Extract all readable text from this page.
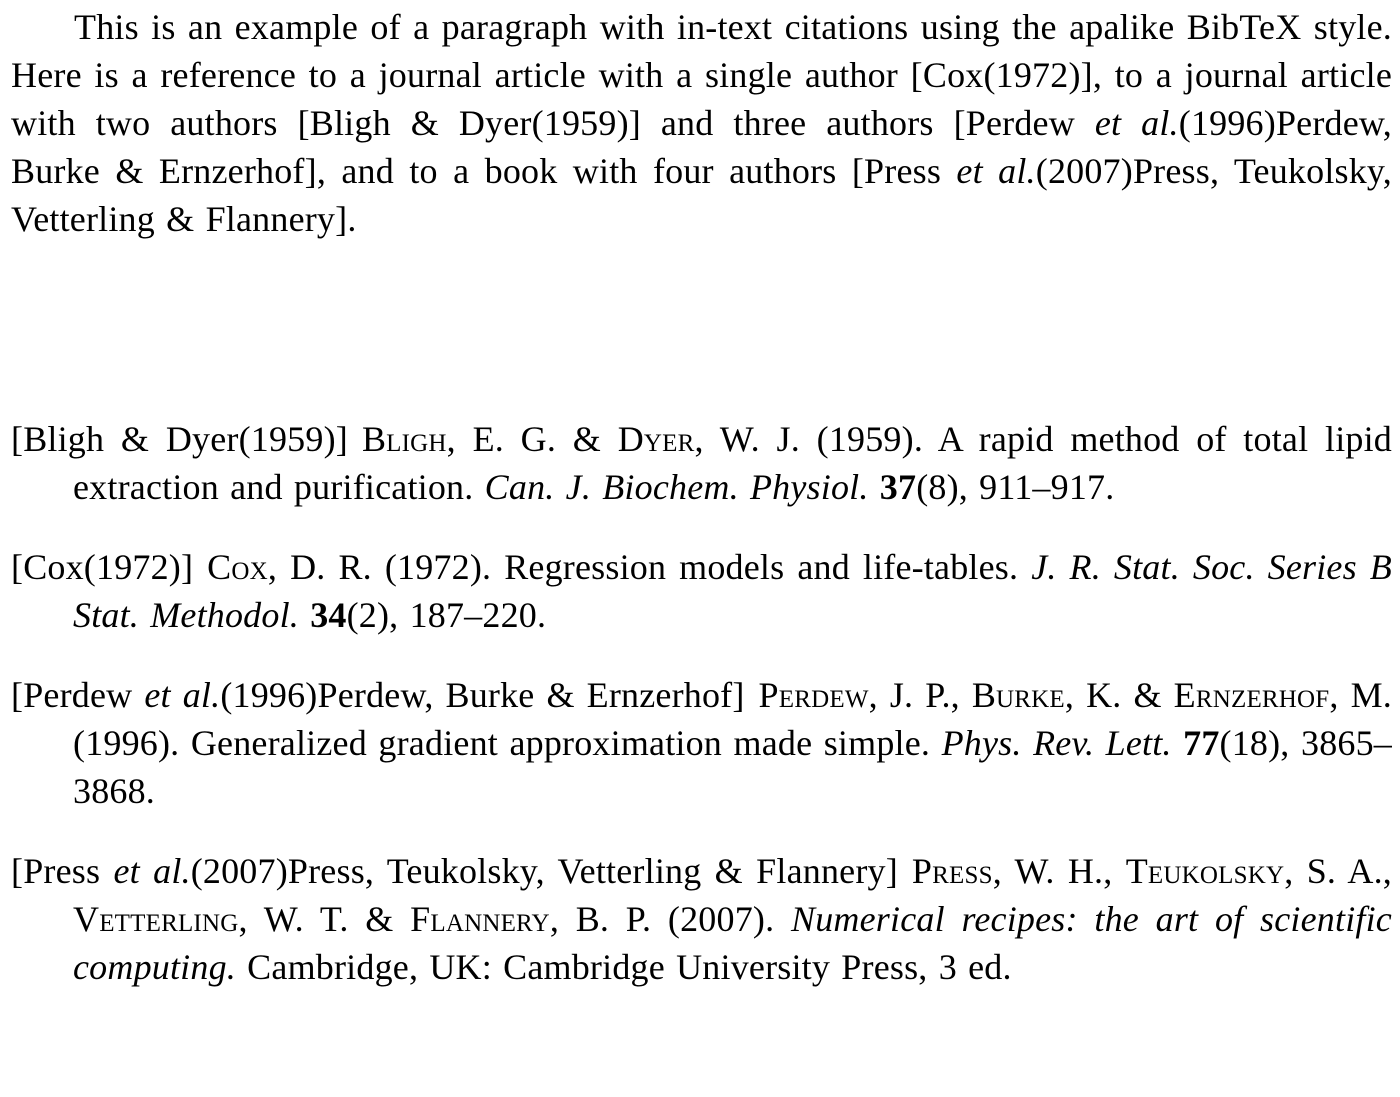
This is an example of a paragraph with in-text citations using the apalike BibTeX style. Here is a reference to a journal article with a single author [Cox(1972)], to a journal article with two authors [Bligh & Dyer(1959)] and three authors [Perdew et al.(1996)Perdew, Burke & Ernzerhof], and to a book with four authors [Press et al.(2007)Press, Teukolsky, Vetterling & Flannery].

[Bligh & Dyer(1959)] Bligh, E. G. & Dyer, W. J. (1959). A rapid method of total lipid extraction and purification. Can. J. Biochem. Physiol. 37(8), 911–917.

[Cox(1972)] Cox, D. R. (1972). Regression models and life-tables. J. R. Stat. Soc. Series B Stat. Methodol. 34(2), 187–220.

[Perdew et al.(1996)Perdew, Burke & Ernzerhof] Perdew, J. P., Burke, K. & Ernzerhof, M. (1996). Generalized gradient approximation made simple. Phys. Rev. Lett. 77(18), 3865–3868.

[Press et al.(2007)Press, Teukolsky, Vetterling & Flannery] Press, W. H., Teukolsky, S. A., Vetterling, W. T. & Flannery, B. P. (2007). Numerical recipes: the art of scientific computing. Cambridge, UK: Cambridge University Press, 3 ed.
